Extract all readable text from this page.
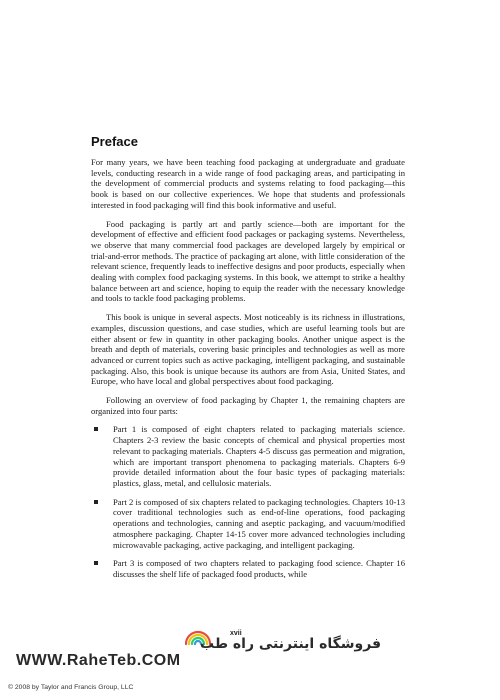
Preface

For many years, we have been teaching food packaging at undergraduate and graduate levels, conducting research in a wide range of food packaging areas, and participating in the development of commercial products and systems relating to food packaging—this book is based on our collective experiences. We hope that students and professionals interested in food packaging will find this book informative and useful.

Food packaging is partly art and partly science—both are important for the development of effective and efficient food packages or packaging systems. Nevertheless, we observe that many commercial food packages are developed largely by empirical or trial-and-error methods. The practice of packaging art alone, with little consideration of the relevant science, frequently leads to ineffective designs and poor products, especially when dealing with complex food packaging systems. In this book, we attempt to strike a healthy balance between art and science, hoping to equip the reader with the necessary knowledge and tools to tackle food packaging problems.

This book is unique in several aspects. Most noticeably is its richness in illustrations, examples, discussion questions, and case studies, which are useful learning tools but are either absent or few in quantity in other packaging books. Another unique aspect is the breath and depth of materials, covering basic principles and technologies as well as more advanced or current topics such as active packaging, intelligent packaging, and sustainable packaging. Also, this book is unique because its authors are from Asia, United States, and Europe, who have local and global perspectives about food packaging.

Following an overview of food packaging by Chapter 1, the remaining chapters are organized into four parts:

Part 1 is composed of eight chapters related to packaging materials science. Chapters 2-3 review the basic concepts of chemical and physical properties most relevant to packaging materials. Chapters 4-5 discuss gas permeation and migration, which are important transport phenomena to packaging materials. Chapters 6-9 provide detailed information about the four basic types of packaging materials: plastics, glass, metal, and cellulosic materials.
Part 2 is composed of six chapters related to packaging technologies. Chapters 10-13 cover traditional technologies such as end-of-line operations, food packaging operations and technologies, canning and aseptic packaging, and vacuum/modified atmosphere packaging. Chapter 14-15 cover more advanced technologies including microwavable packaging, active packaging, and intelligent packaging.
Part 3 is composed of two chapters related to packaging food science. Chapter 16 discusses the shelf life of packaged food products, while
xvii
فروشگاه اینترنتی راه طب
WWW.RaheTeb.COM
© 2008 by Taylor and Francis Group, LLC
